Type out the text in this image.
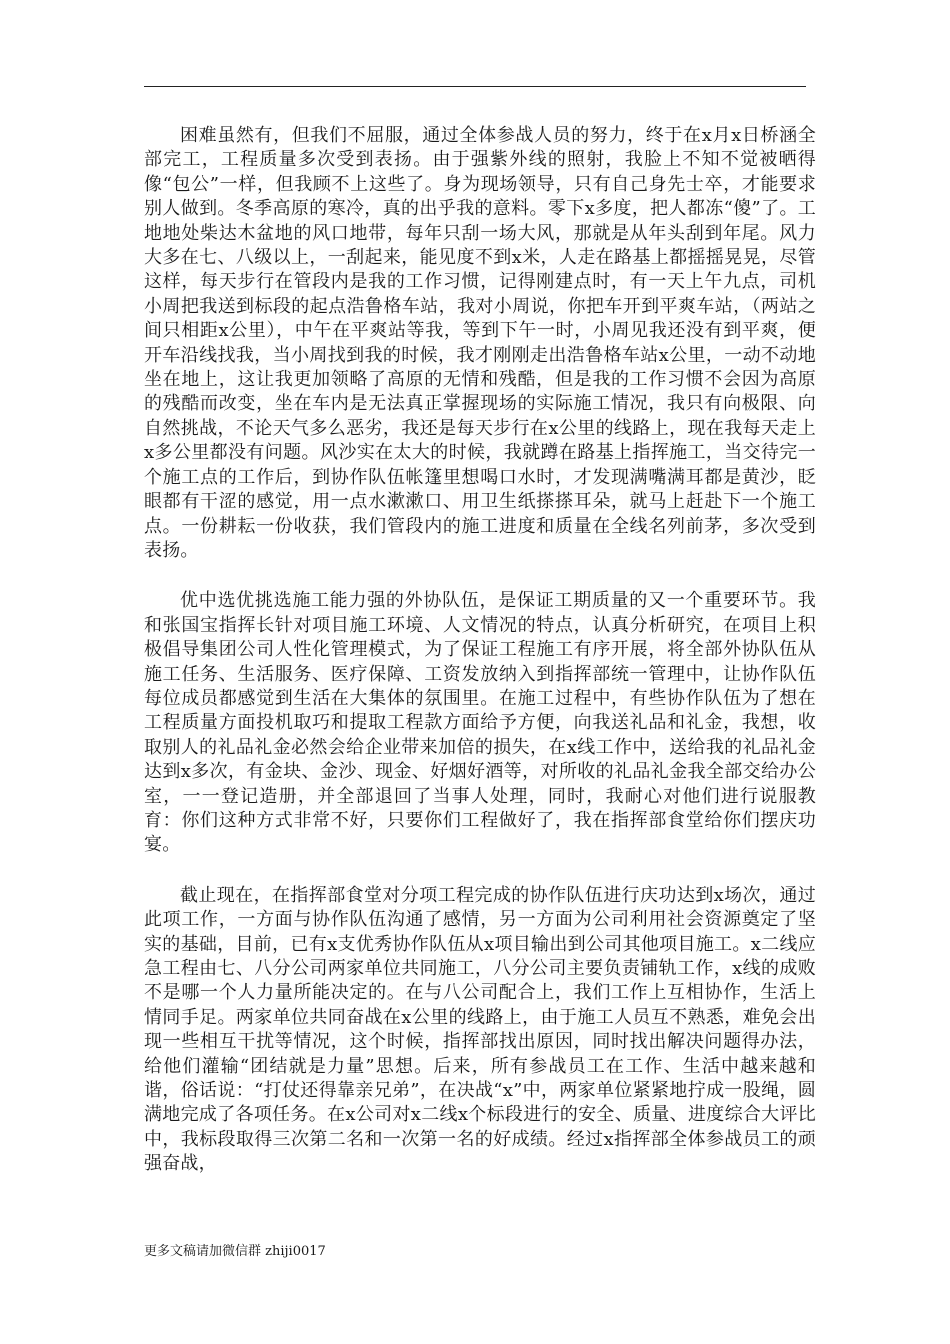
困难虽然有，但我们不屈服，通过全体参战人员的努力，终于在x月x日桥涵全部完工，工程质量多次受到表扬。由于强紫外线的照射，我脸上不知不觉被晒得像“包公”一样，但我顾不上这些了。身为现场领导，只有自己身先士卒，才能要求别人做到。冬季高原的寒冷，真的出乎我的意料。零下x多度，把人都冻“傻”了。工地地处柴达木盆地的风口地带，每年只刮一场大风，那就是从年头刮到年尾。风力大多在七、八级以上，一刮起来，能见度不到x米，人走在路基上都摇摇晃晃，尽管这样，每天步行在管段内是我的工作习惯，记得刚建点时，有一天上午九点，司机小周把我送到标段的起点浩鲁格车站，我对小周说，你把车开到平爽车站，（两站之间只相距x公里），中午在平爽站等我，等到下午一时，小周见我还没有到平爽，便开车沿线找我，当小周找到我的时候，我才刚刚走出浩鲁格车站x公里，一动不动地坐在地上，这让我更加领略了高原的无情和残酷，但是我的工作习惯不会因为高原的残酷而改变，坐在车内是无法真正掌握现场的实际施工情况，我只有向极限、向自然挑战，不论天气多么恶劣，我还是每天步行在x公里的线路上，现在我每天走上x多公里都没有问题。风沙实在太大的时候，我就蹲在路基上指挥施工，当交待完一个施工点的工作后，到协作队伍帐篷里想喝口水时，才发现满嘴满耳都是黄沙，眨眼都有干涩的感觉，用一点水漱漱口、用卫生纸搽搽耳朵，就马上赶赴下一个施工点。一份耕耘一份收获，我们管段内的施工进度和质量在全线名列前茅，多次受到表扬。

优中选优挑选施工能力强的外协队伍，是保证工期质量的又一个重要环节。我和张国宝指挥长针对项目施工环境、人文情况的特点，认真分析研究，在项目上积极倡导集团公司人性化管理模式，为了保证工程施工有序开展，将全部外协队伍从施工任务、生活服务、医疗保障、工资发放纳入到指挥部统一管理中，让协作队伍每位成员都感觉到生活在大集体的氛围里。在施工过程中，有些协作队伍为了想在工程质量方面投机取巧和提取工程款方面给予方便，向我送礼品和礼金，我想，收取别人的礼品礼金必然会给企业带来加倍的损失，在x线工作中，送给我的礼品礼金达到x多次，有金块、金沙、现金、好烟好酒等，对所收的礼品礼金我全部交给办公室，一一登记造册，并全部退回了当事人处理，同时，我耐心对他们进行说服教育：你们这种方式非常不好，只要你们工程做好了，我在指挥部食堂给你们摆庆功宴。

截止现在，在指挥部食堂对分项工程完成的协作队伍进行庆功达到x场次，通过此项工作，一方面与协作队伍沟通了感情，另一方面为公司利用社会资源奠定了坚实的基础，目前，已有x支优秀协作队伍从x项目输出到公司其他项目施工。x二线应急工程由七、八分公司两家单位共同施工，八分公司主要负责铺轨工作，x线的成败不是哪一个人力量所能决定的。在与八公司配合上，我们工作上互相协作，生活上情同手足。两家单位共同奋战在x公里的线路上，由于施工人员互不熟悉，难免会出现一些相互干扰等情况，这个时候，指挥部找出原因，同时找出解决问题得办法，给他们灌输“团结就是力量”思想。后来，所有参战员工在工作、生活中越来越和谐，俗话说：“打仗还得靠亲兄弟”，在决战“x”中，两家单位紧紧地拧成一股绳，圆满地完成了各项任务。在x公司对x二线x个标段进行的安全、质量、进度综合大评比中，我标段取得三次第二名和一次第一名的好成绩。经过x指挥部全体参战员工的顽强奋战，

更多文稿请加微信群 zhiji0017
